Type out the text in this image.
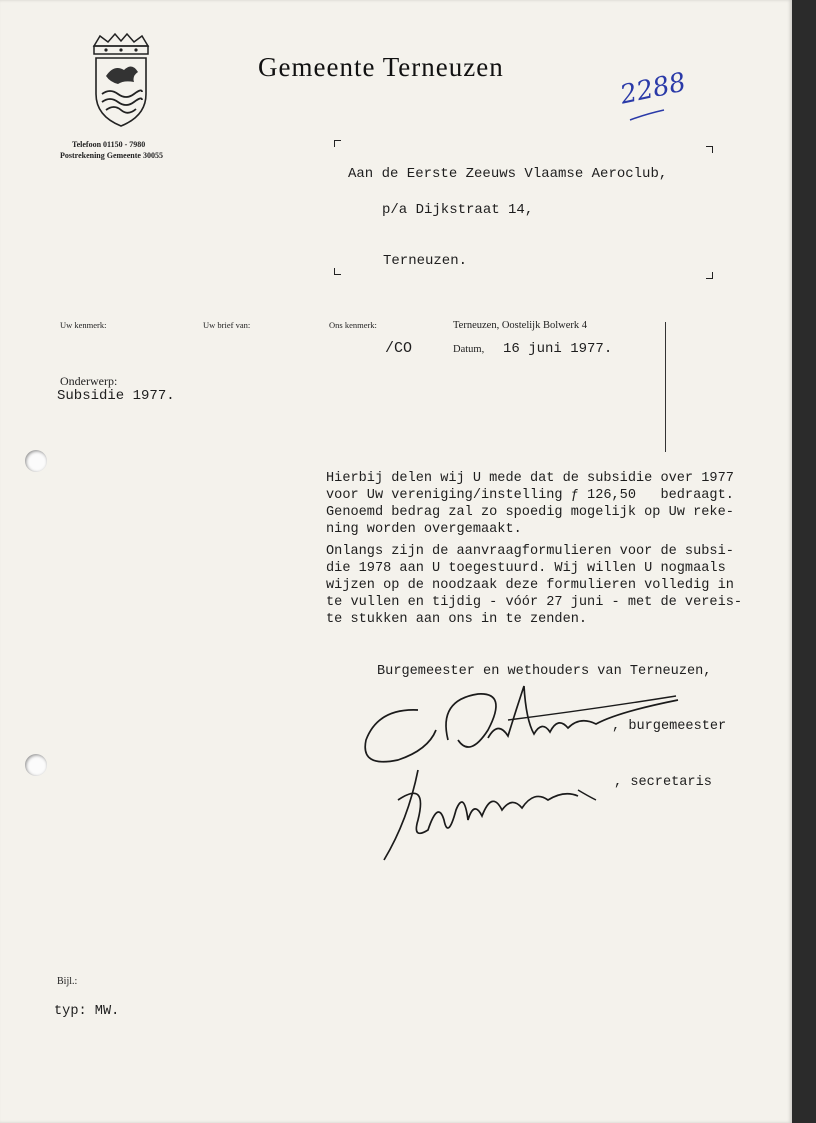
Gemeente Terneuzen
Telefoon 01150 - 7980
Postrekening Gemeente 30055
2288
Aan de Eerste Zeeuws Vlaamse Aeroclub,
p/a Dijkstraat 14,
Terneuzen.
Uw kenmerk:	Uw brief van:	Ons kenmerk:
/CO
Terneuzen, Oostelijk Bolwerk 4
Datum, 16 juni 1977.
Onderwerp:
Subsidie 1977.
Hierbij delen wij U mede dat de subsidie over 1977
voor Uw vereniging/instelling ƒ 126,50   bedraagt.
Genoemd bedrag zal zo spoedig mogelijk op Uw reke-
ning worden overgemaakt.
Onlangs zijn de aanvraagformulieren voor de subsi-
die 1978 aan U toegestuurd. Wij willen U nogmaals
wijzen op de noodzaak deze formulieren volledig in
te vullen en tijdig - vóór 27 juni - met de vereis-
te stukken aan ons in te zenden.
Burgemeester en wethouders van Terneuzen,
, burgemeester
, secretaris
Bijl.:
typ: MW.
